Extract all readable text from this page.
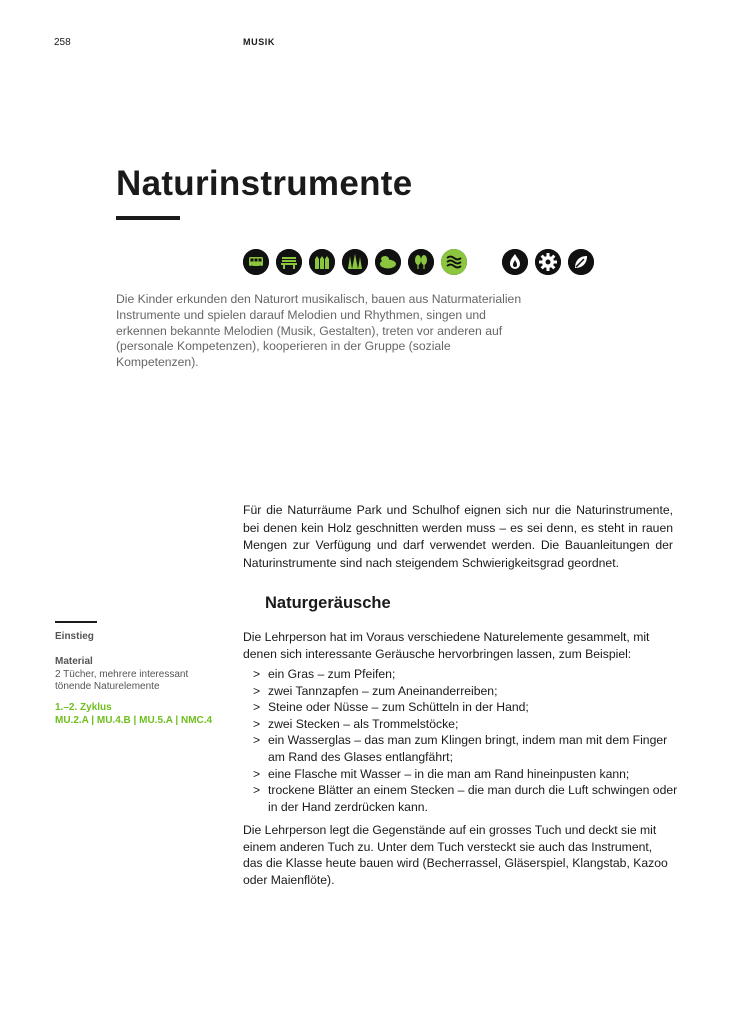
258	MUSIK
Naturinstrumente

Die Kinder erkunden den Naturort musikalisch, bauen aus Naturmaterialien Instrumente und spielen darauf Melodien und Rhythmen, singen und erkennen bekannte Melodien (Musik, Gestalten), treten vor anderen auf (personale Kompetenzen), kooperieren in der Gruppe (soziale Kompetenzen).

Für die Naturräume Park und Schulhof eignen sich nur die Naturinstrumente, bei denen kein Holz geschnitten werden muss – es sei denn, es steht in rauen Mengen zur Verfügung und darf verwendet werden. Die Bauanleitungen der Naturinstrumente sind nach steigendem Schwierigkeitsgrad geordnet.

Naturgeräusche
Einstieg
Material
2 Tücher, mehrere interessant
tönende Naturelemente
1.–2. Zyklus
MU.2.A | MU.4.B | MU.5.A | NMC.4

Die Lehrperson hat im Voraus verschiedene Naturelemente gesammelt, mit denen sich interessante Geräusche hervorbringen lassen, zum Beispiel:

> ein Gras – zum Pfeifen;
> zwei Tannzapfen – zum Aneinanderreiben;
> Steine oder Nüsse – zum Schütteln in der Hand;
> zwei Stecken – als Trommelstöcke;
> ein Wasserglas – das man zum Klingen bringt, indem man mit dem Finger am Rand des Glases entlangfährt;
> eine Flasche mit Wasser – in die man am Rand hineinpusten kann;
> trockene Blätter an einem Stecken – die man durch die Luft schwingen oder in der Hand zerdrücken kann.

Die Lehrperson legt die Gegenstände auf ein grosses Tuch und deckt sie mit einem anderen Tuch zu. Unter dem Tuch versteckt sie auch das Instrument, das die Klasse heute bauen wird (Becherrassel, Gläserspiel, Klangstab, Kazoo oder Maienflöte).
